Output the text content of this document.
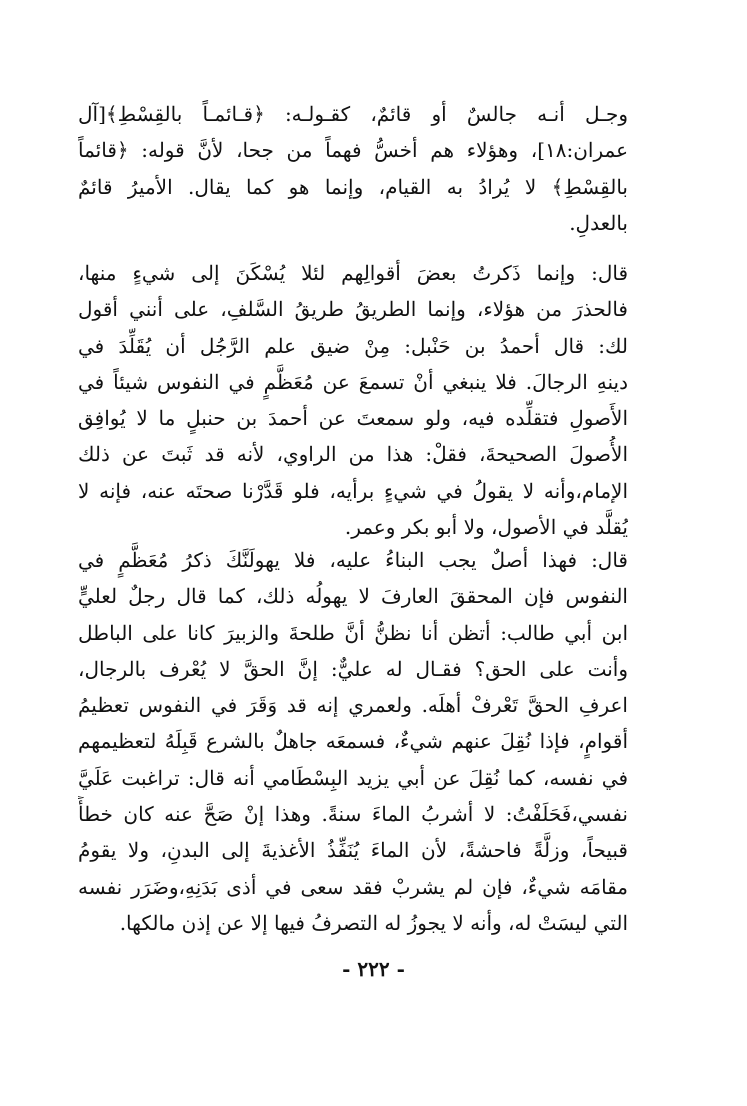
وجـل أنـه جالسٌ أو قائمٌ، كقـولـه: ﴿قـائمـاً بالقِسْطِ﴾[آل
عمران:١٨]، وهؤلاء هم أخسُّ فهماً من جحا، لأنَّ قوله: ﴿قائماً
بالقِسْطِ﴾ لا يُرادُ به القيام، وإنما هو كما يقال. الأميرُ قائمٌ
بالعدلِ.
قال: وإنما ذَكرتُ بعضَ أقوالِهم لئلا يُسْكَنَ إلى شيءٍ منها،
فالحذرَ من هؤلاء، وإنما الطريقُ طريقُ السَّلفِ، على أنني أقول
لك: قال أحمدُ بن حَنْبل: مِنْ ضيق علم الرَّجُل أن يُقَلِّدَ في
دينهِ الرجالَ. فلا ينبغي أنْ تسمعَ عن مُعَظَّمٍ في النفوس شيئاً في
الأَصولِ فتقلِّده فيه، ولو سمعتَ عن أحمدَ بن حنبلٍ ما لا يُوافِق
الأُصولَ الصحيحةَ، فقلْ: هذا من الراوي، لأنه قد ثَبتَ عن ذلك
الإمام،وأنه لا يقولُ في شيءٍ برأيه، فلو قَدَّرْنا صحتَه عنه، فإنه لا
يُقلَّد في الأصول، ولا أبو بكر وعمر.
قال: فهذا أصلٌ يجب البناءُ عليه، فلا يهولَنَّكَ ذكرُ مُعَظَّمٍ في
النفوس فإن المحققَ العارفَ لا يهولُه ذلك، كما قال رجلٌ لعليٍّ
ابن أبي طالب: أتظن أنا نظنُّ أنَّ طلحةَ والزبيرَ كانا على الباطل
وأنت على الحق؟ فقـال له عليٌّ: إنَّ الحقَّ لا يُعْرف بالرجال،
اعرفِ الحقَّ تَعْرفْ أهلَه. ولعمري إنه قد وَقَرَ في النفوس تعظيمُ
أقوامٍ، فإذا نُقِلَ عنهم شيءٌ، فسمعَه جاهلٌ بالشرع قَبِلَهُ لتعظيمهم
في نفسه، كما نُقِلَ عن أبي يزيد البِسْطَامي أنه قال: تراغبت عَلَيَّ
نفسي،فَحَلَفْتُ: لا أشربُ الماءَ سنةً. وهذا إنْ صَحَّ عنه كان خطأً
قبيحاً، وزلَّةً فاحشةً، لأن الماءَ يُنَفِّذُ الأغذيةَ إلى البدنِ، ولا يقومُ
مقامَه شيءٌ، فإن لم يشربْ فقد سعى في أذى بَدَنِهِ،وضَرَر نفسه
التي ليسَتْ له، وأنه لا يجوزُ له التصرفُ فيها إلا عن إذن مالكها.
- ٢٢٢ -
